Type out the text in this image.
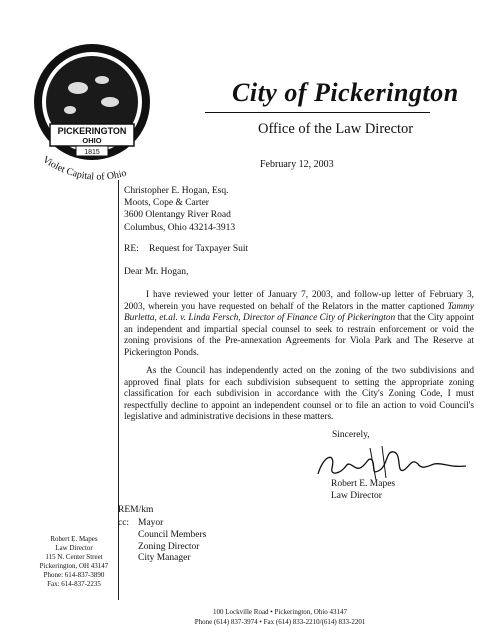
PICKERINGTON
OHIO
1815
Violet Capital of Ohio
City of Pickerington
Office of the Law Director
February 12, 2003
Christopher E. Hogan, Esq.
Moots, Cope & Carter
3600 Olentangy River Road
Columbus, Ohio 43214-3913
RE: Request for Taxpayer Suit
Dear Mr. Hogan,

I have reviewed your letter of January 7, 2003, and follow-up letter of February 3, 2003, wherein you have requested on behalf of the Relators in the matter captioned Tammy Burletta, et.al. v. Linda Fersch, Director of Finance City of Pickerington that the City appoint an independent and impartial special counsel to seek to restrain enforcement or void the zoning provisions of the Pre-annexation Agreements for Viola Park and The Reserve at Pickerington Ponds.

As the Council has independently acted on the zoning of the two subdivisions and approved final plats for each subdivision subsequent to setting the appropriate zoning classification for each subdivision in accordance with the City's Zoning Code, I must respectfully decline to appoint an independent counsel or to file an action to void Council's legislative and administrative decisions in these matters.

Sincerely,
Robert E. Mapes
Law Director
REM/km
cc: Mayor
Council Members
Zoning Director
City Manager
Robert E. Mapes
Law Director
115 N. Center Street
Pickerington, OH 43147
Phone: 614-837-3890
Fax: 614-837-2235
100 Lockville Road • Pickerington, Ohio 43147
Phone (614) 837-3974 • Fax (614) 833-2210/(614) 833-2201
